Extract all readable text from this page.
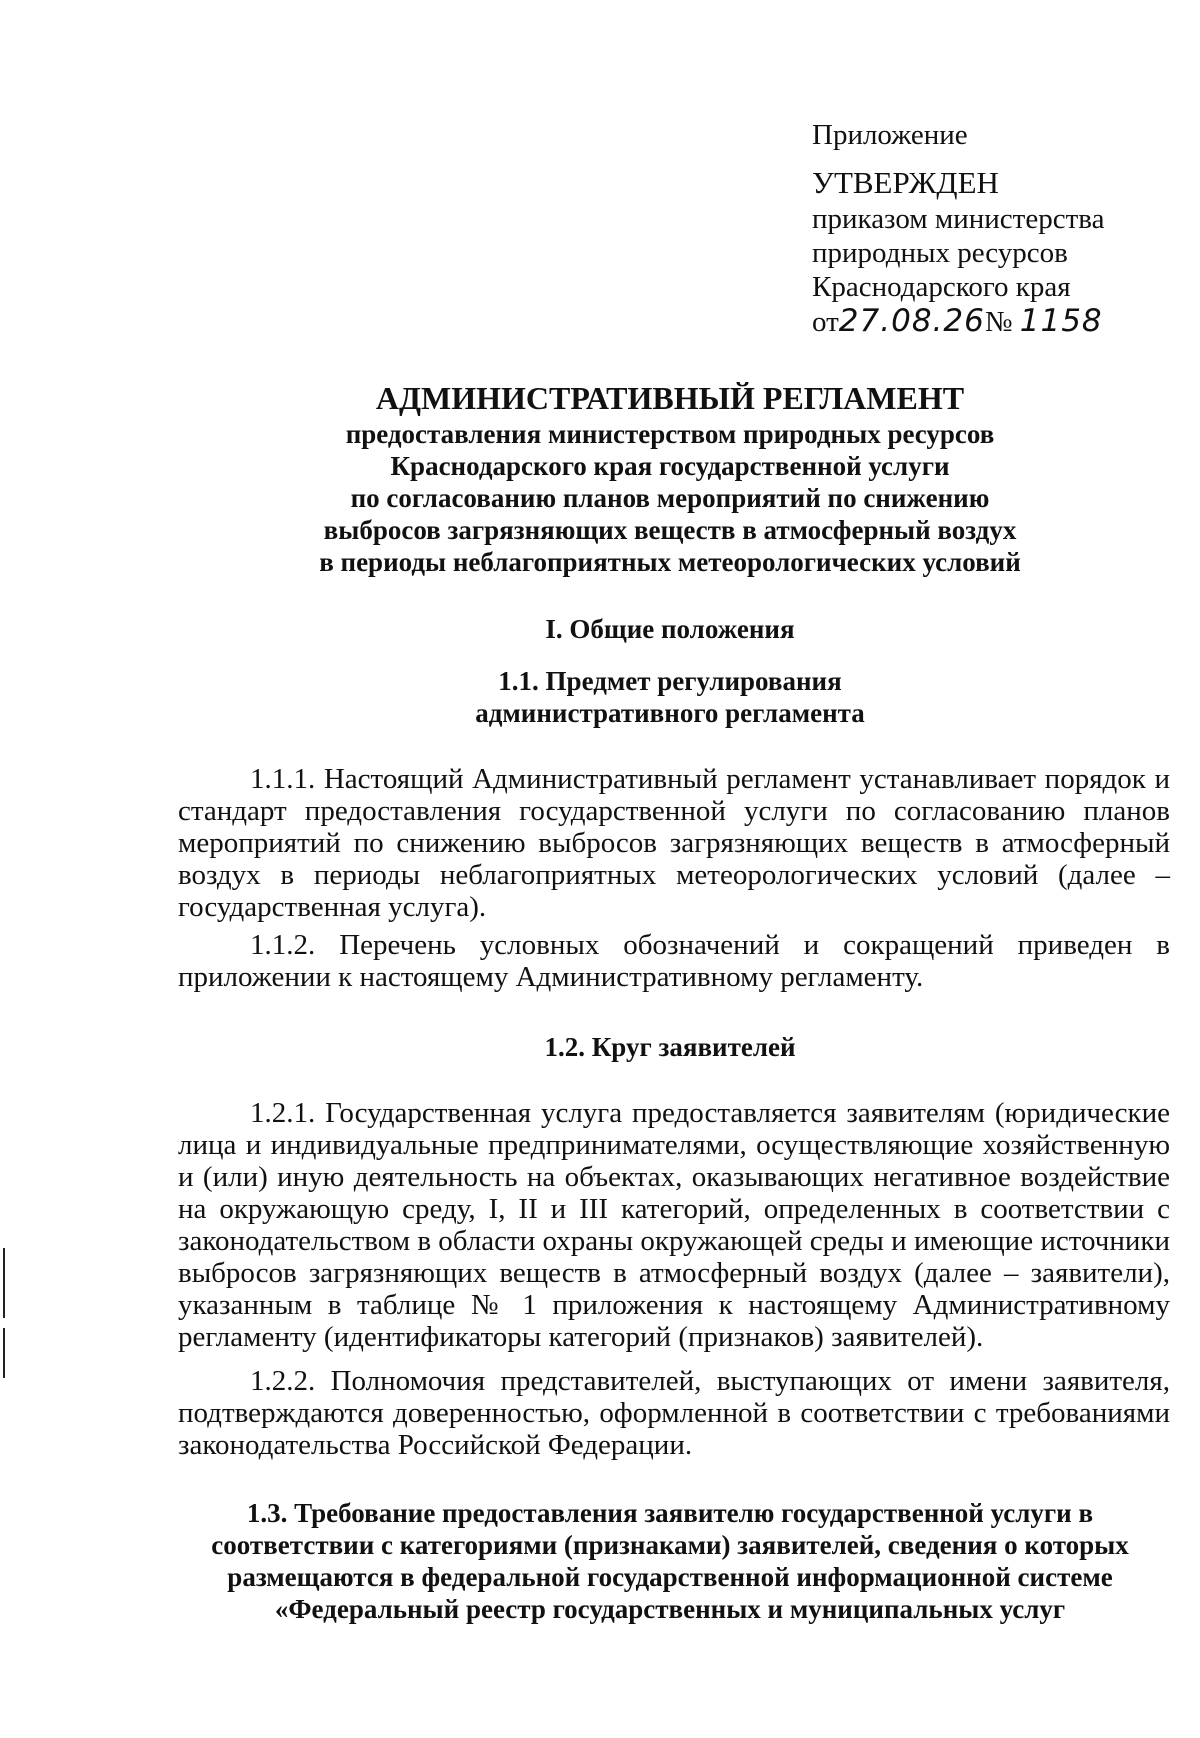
Приложение
УТВЕРЖДЕН
приказом министерства
природных ресурсов
Краснодарского края
от27.08.26№ 1158
АДМИНИСТРАТИВНЫЙ РЕГЛАМЕНТ
предоставления министерством природных ресурсов
Краснодарского края государственной услуги
по согласованию планов мероприятий по снижению
выбросов загрязняющих веществ в атмосферный воздух
в периоды неблагоприятных метеорологических условий
I. Общие положения
1.1. Предмет регулирования
административного регламента

1.1.1. Настоящий Административный регламент устанавливает порядок и стандарт предоставления государственной услуги по согласованию планов мероприятий по снижению выбросов загрязняющих веществ в атмосферный воздух в периоды неблагоприятных метеорологических условий (далее – государственная услуга).

1.1.2. Перечень условных обозначений и сокращений приведен в приложении к настоящему Административному регламенту.

1.2. Круг заявителей

1.2.1. Государственная услуга предоставляется заявителям (юридические лица и индивидуальные предпринимателями, осуществляющие хозяйственную и (или) иную деятельность на объектах, оказывающих негативное воздействие на окружающую среду, I, II и III категорий, определенных в соответствии с законодательством в области охраны окружающей среды и имеющие источники выбросов загрязняющих веществ в атмосферный воздух (далее – заявители), указанным в таблице № 1 приложения к настоящему Административному регламенту (идентификаторы категорий (признаков) заявителей).

1.2.2. Полномочия представителей, выступающих от имени заявителя, подтверждаются доверенностью, оформленной в соответствии с требованиями законодательства Российской Федерации.

1.3. Требование предоставления заявителю государственной услуги в
соответствии с категориями (признаками) заявителей, сведения о которых
размещаются в федеральной государственной информационной системе
«Федеральный реестр государственных и муниципальных услуг
